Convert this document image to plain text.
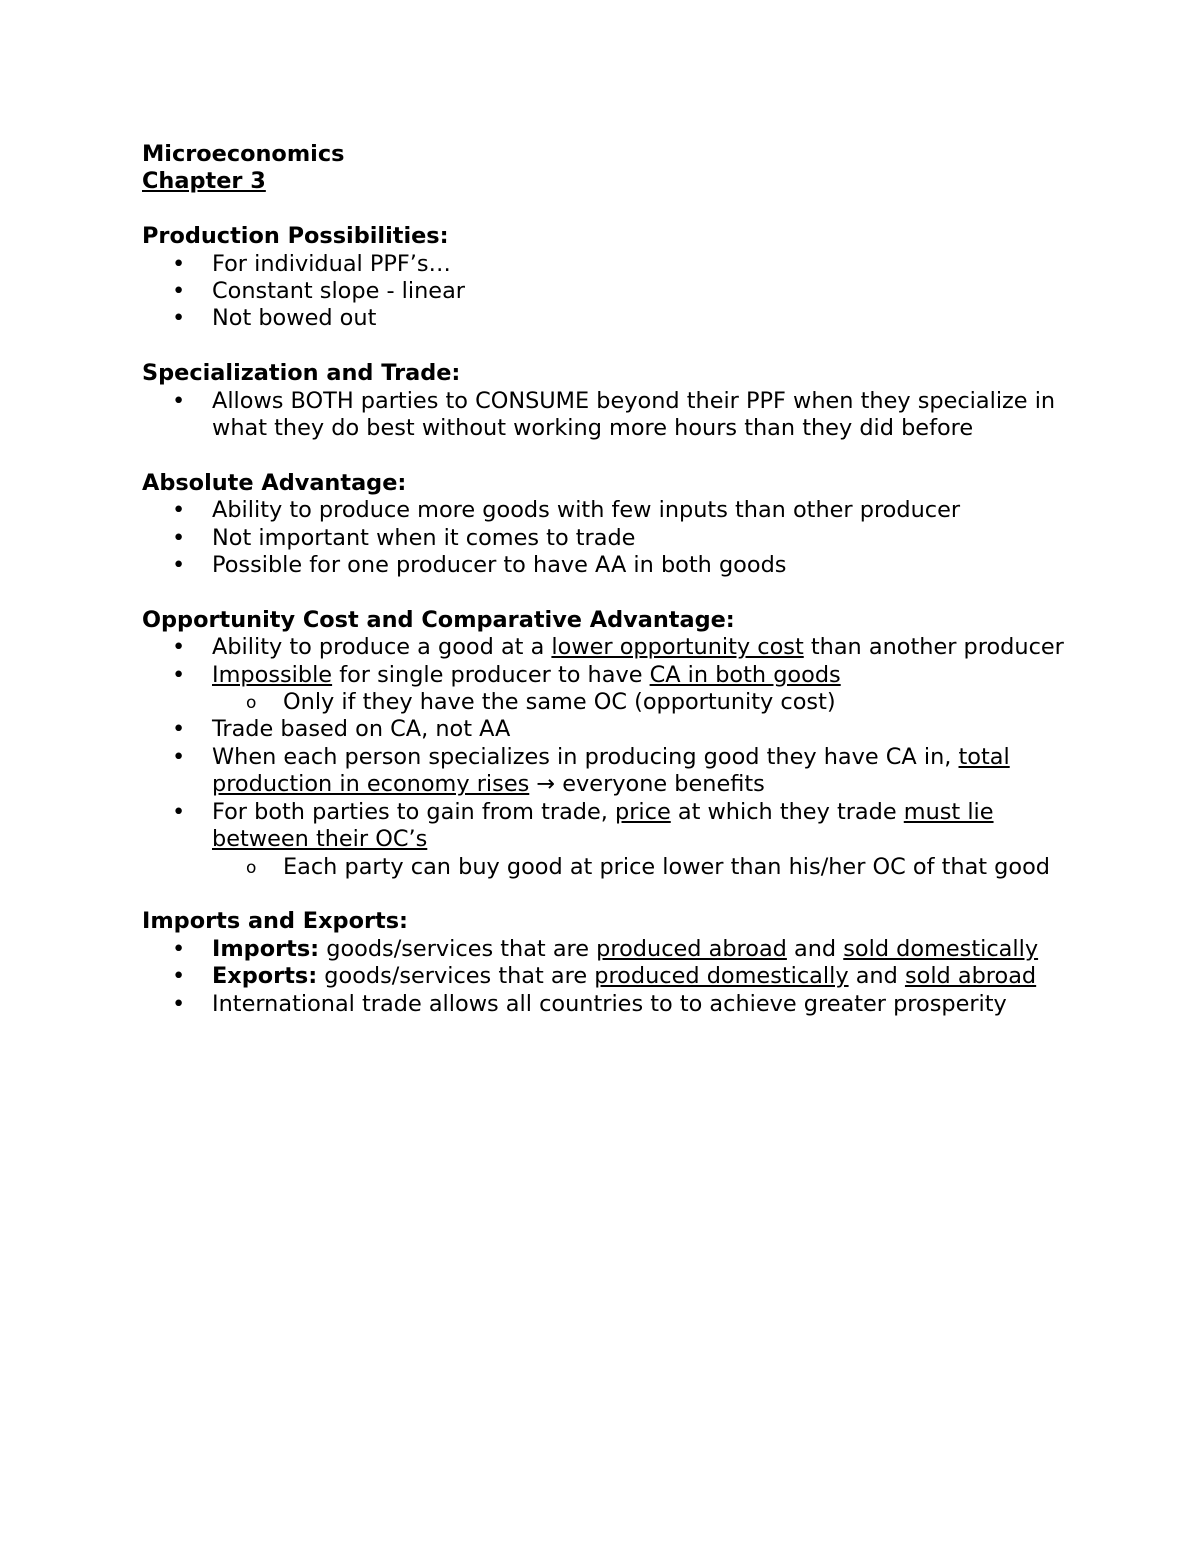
Microeconomics
Chapter 3
Production Possibilities:
• For individual PPF’s…
• Constant slope - linear
• Not bowed out
Specialization and Trade:
• Allows BOTH parties to CONSUME beyond their PPF when they specialize in what they do best without working more hours than they did before
Absolute Advantage:
• Ability to produce more goods with few inputs than other producer
• Not important when it comes to trade
• Possible for one producer to have AA in both goods
Opportunity Cost and Comparative Advantage:
• Ability to produce a good at a lower opportunity cost than another producer
• Impossible for single producer to have CA in both goods
o Only if they have the same OC (opportunity cost)
• Trade based on CA, not AA
• When each person specializes in producing good they have CA in, total production in economy rises → everyone benefits
• For both parties to gain from trade, price at which they trade must lie between their OC’s
o Each party can buy good at price lower than his/her OC of that good
Imports and Exports:
• Imports: goods/services that are produced abroad and sold domestically
• Exports: goods/services that are produced domestically and sold abroad
• International trade allows all countries to to achieve greater prosperity
